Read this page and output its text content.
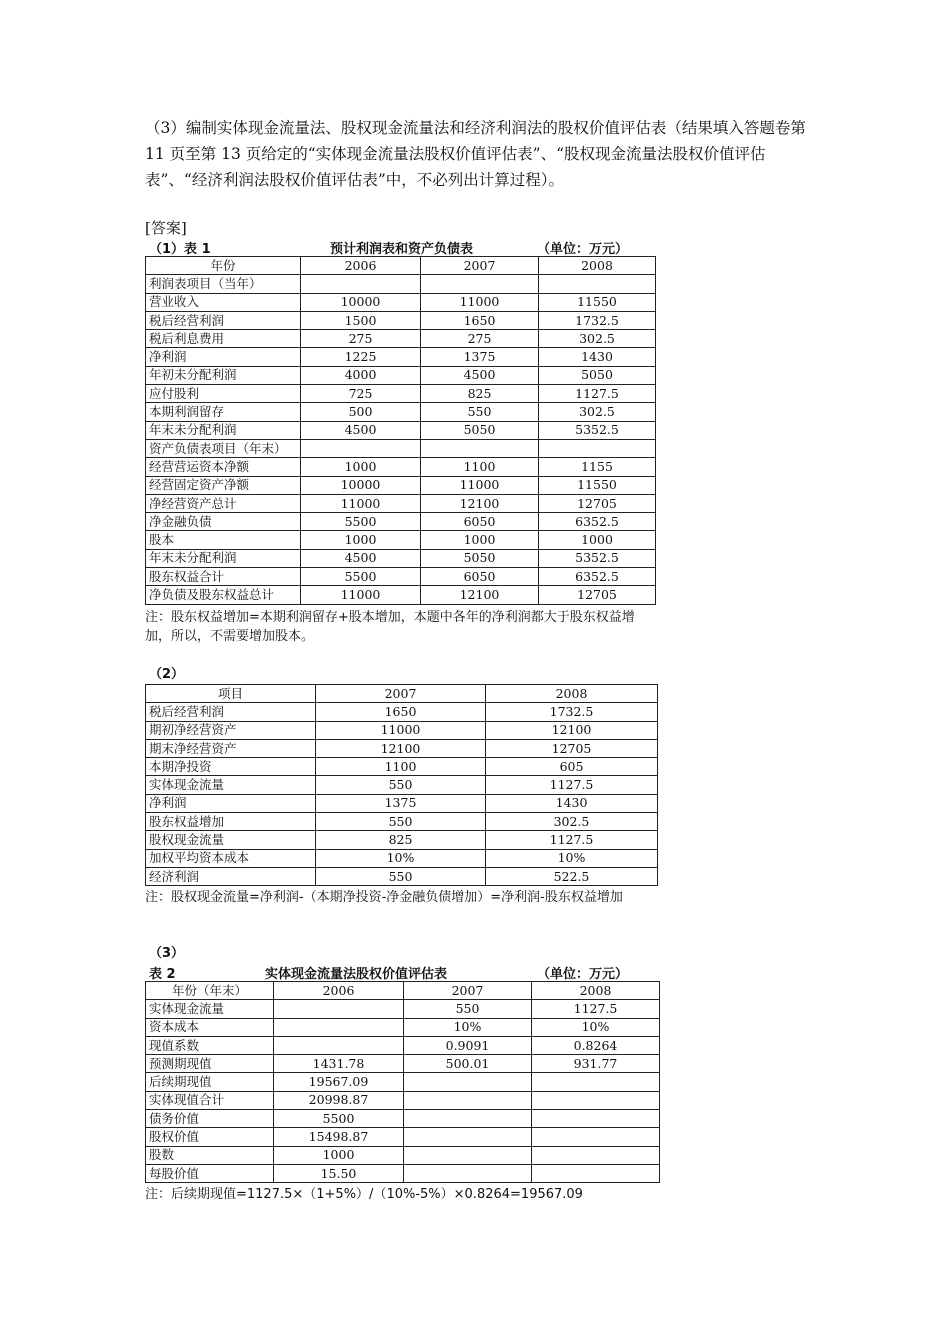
（3）编制实体现金流量法、股权现金流量法和经济利润法的股权价值评估表（结果填入答题卷第 11 页至第 13 页给定的“实体现金流量法股权价值评估表”、“股权现金流量法股权价值评估表”、“经济利润法股权价值评估表”中，不必列出计算过程）。
[答案]
（1）表 1	预计利润表和资产负债表	（单位：万元）
年份	2006	2007	2008
利润表项目（当年）			
营业收入	10000	11000	11550
税后经营利润	1500	1650	1732.5
税后利息费用	275	275	302.5
净利润	1225	1375	1430
年初未分配利润	4000	4500	5050
应付股利	725	825	1127.5
本期利润留存	500	550	302.5
年末未分配利润	4500	5050	5352.5
资产负债表项目（年末）			
经营营运资本净额	1000	1100	1155
经营固定资产净额	10000	11000	11550
净经营资产总计	11000	12100	12705
净金融负债	5500	6050	6352.5
股本	1000	1000	1000
年末未分配利润	4500	5050	5352.5
股东权益合计	5500	6050	6352.5
净负债及股东权益总计	11000	12100	12705
注：股东权益增加=本期利润留存+股本增加，本题中各年的净利润都大于股东权益增加，所以，不需要增加股本。
（2）
项目	2007	2008
税后经营利润	1650	1732.5
期初净经营资产	11000	12100
期末净经营资产	12100	12705
本期净投资	1100	605
实体现金流量	550	1127.5
净利润	1375	1430
股东权益增加	550	302.5
股权现金流量	825	1127.5
加权平均资本成本	10%	10%
经济利润	550	522.5
注：股权现金流量=净利润-（本期净投资-净金融负债增加）=净利润-股东权益增加
（3）
表 2	实体现金流量法股权价值评估表	（单位：万元）
年份（年末）	2006	2007	2008
实体现金流量		550	1127.5
资本成本		10%	10%
现值系数		0.9091	0.8264
预测期现值	1431.78	500.01	931.77
后续期现值	19567.09		
实体现值合计	20998.87		
债务价值	5500		
股权价值	15498.87		
股数	1000		
每股价值	15.50		
注：后续期现值=1127.5×（1+5%）/（10%-5%）×0.8264=19567.09
